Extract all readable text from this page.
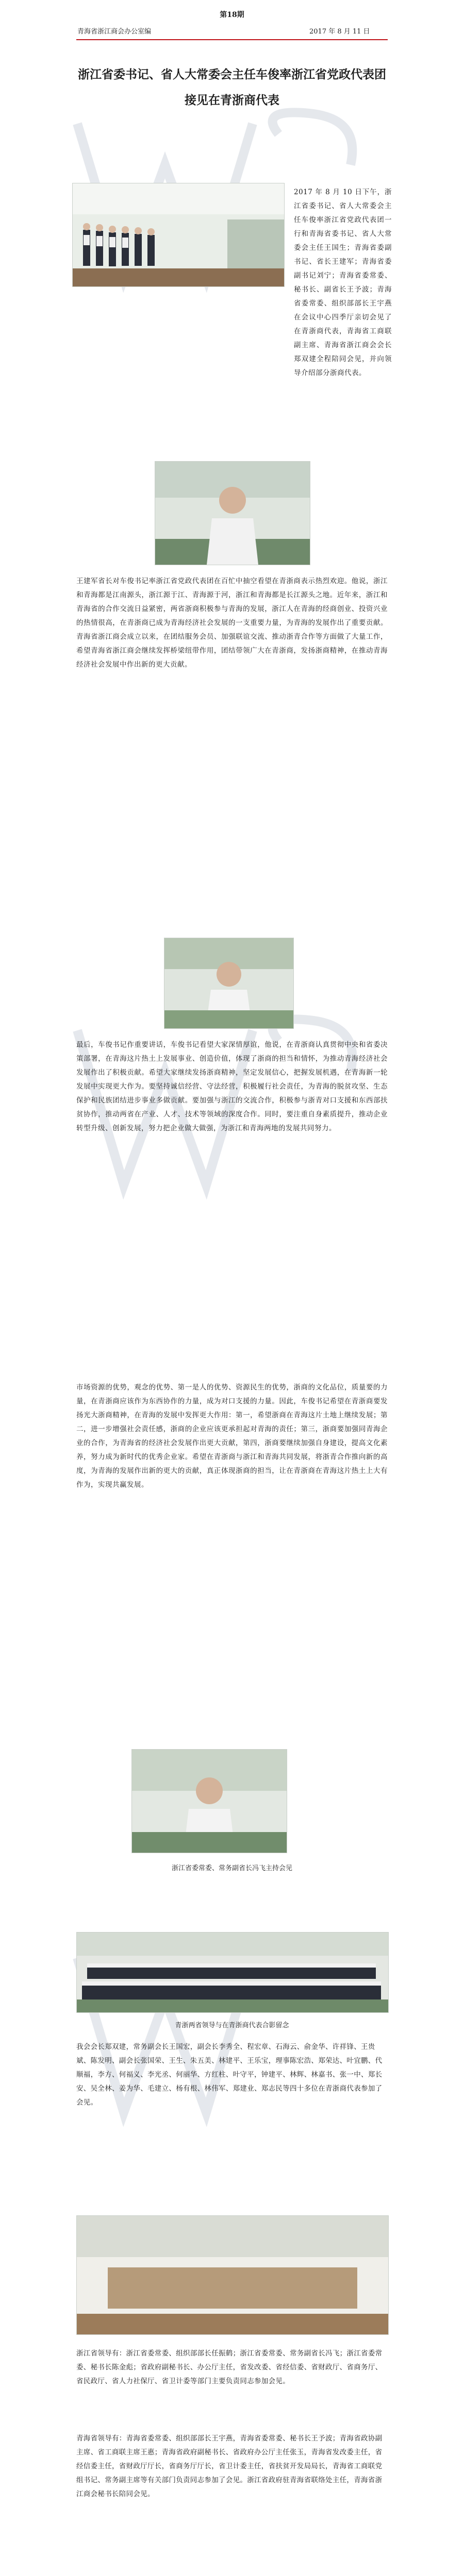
第18期
青海省浙江商会办公室编	2017 年 8 月 11 日
浙江省委书记、省人大常委会主任车俊率浙江省党政代表团接见在青浙商代表

2017 年 8 月 10 日下午，浙江省委书记、省人大常委会主任车俊率浙江省党政代表团一行和青海省委书记、省人大常委会主任王国生；青海省委副书记、省长王建军；青海省委副书记刘宁；青海省委常委、秘书长、副省长王予波；青海省委常委、组织部部长王宇燕在会议中心四季厅亲切会见了在青浙商代表，青海省工商联副主席、青海省浙江商会会长郑双建全程陪同会见，并向领导介绍部分浙商代表。

王建军省长对车俊书记率浙江省党政代表团在百忙中抽空看望在青浙商表示热烈欢迎。他说，浙江和青海都是江南源头，浙江源于江、青海源于河，浙江和青海都是长江源头之地。近年来，浙江和青海省的合作交流日益紧密，两省浙商积极参与青海的发展，浙江人在青海的经商创业、投资兴业的热情很高，在青浙商已成为青海经济社会发展的一支重要力量，为青海的发展作出了重要贡献。青海省浙江商会成立以来，在团结服务会员、加强联谊交流、推动浙青合作等方面做了大量工作，希望青海省浙江商会继续发挥桥梁纽带作用，团结带领广大在青浙商，发扬浙商精神，在推动青海经济社会发展中作出新的更大贡献。

最后，车俊书记作重要讲话，车俊书记看望大家深情厚谊，他说，在青浙商认真贯彻中央和省委决策部署，在青海这片热土上发展事业、创造价值，体现了浙商的担当和情怀，为推动青海经济社会发展作出了积极贡献。希望大家继续发扬浙商精神，坚定发展信心，把握发展机遇，在青海新一轮发展中实现更大作为。要坚持诚信经营、守法经营，积极履行社会责任，为青海的脱贫攻坚、生态保护和民族团结进步事业多做贡献。要加强与浙江的交流合作，积极参与浙青对口支援和东西部扶贫协作，推动两省在产业、人才、技术等领域的深度合作。同时，要注重自身素质提升，推动企业转型升级、创新发展，努力把企业做大做强，为浙江和青海两地的发展共同努力。

市场资源的优势，观念的优势、第一是人的优势、资源民生的优势，浙商的文化品位，质量要的力量，在青浙商应该作为东西协作的力量，成为对口支援的力量。因此，车俊书记希望在青浙商要发扬光大浙商精神，在青海的发展中发挥更大作用：第一，希望浙商在青海这片土地上继续发展；第二，进一步增强社会责任感，浙商的企业应该更承担起对青海的责任；第三，浙商要加强同青海企业的合作，为青海省的经济社会发展作出更大贡献，第四，浙商要继续加强自身建设，提高文化素养，努力成为新时代的优秀企业家。希望在青浙商与浙江和青海共同发展，将浙青合作推向新的高度，为青海的发展作出新的更大的贡献，真正体现浙商的担当，让在青浙商在青海这片热土上大有作为，实现共赢发展。

浙江省委常委、常务副省长冯飞主持会见
青浙两省领导与在青浙商代表合影留念

我会会长郑双建，常务副会长王国宏，副会长李秀全、程宏章、石海云、俞金华、许祥锋、王贵斌、陈发明、副会长张国荣、王生、朱五美、林建平、王乐宝，理事陈宏浩、郑荣达、叶宜鹏、代顺福，李方、何福义、李光丞、何丽华、方红柱、叶守平，钟建平、林辉、林嘉书、张一中、郑长安、吴全林、姜为华、毛建立、杨有根、林伟军、郑建业、郑志民等四十多位在青浙商代表参加了会见。

浙江省领导有：浙江省委常委、组织部部长任振鹤 ； 浙江省委常委、常务副省长冯飞 ； 浙江省委常委、秘书长陈金彪；省政府副秘书长、办公厅主任，省发改委、省经信委、省财政厅、省商务厅、省民政厅、省人力社保厅、省卫计委等部门主要负责同志参加会见。

青海省领导有：青海省委常委、组织部部长王宇燕，青海省委常委、秘书长王予波；青海省政协副主席、省工商联主席王惠；青海省政府副秘书长、省政府办公厅主任张玉，青海省发改委主任，省经信委主任，省财政厅厅长，省商务厅厅长，省卫计委主任，省扶贫开发局局长，青海省工商联党组书记、常务副主席等有关部门负责同志参加了会见。浙江省政府驻青海省联络处主任，青海省浙江商会秘书长陪同会见。
